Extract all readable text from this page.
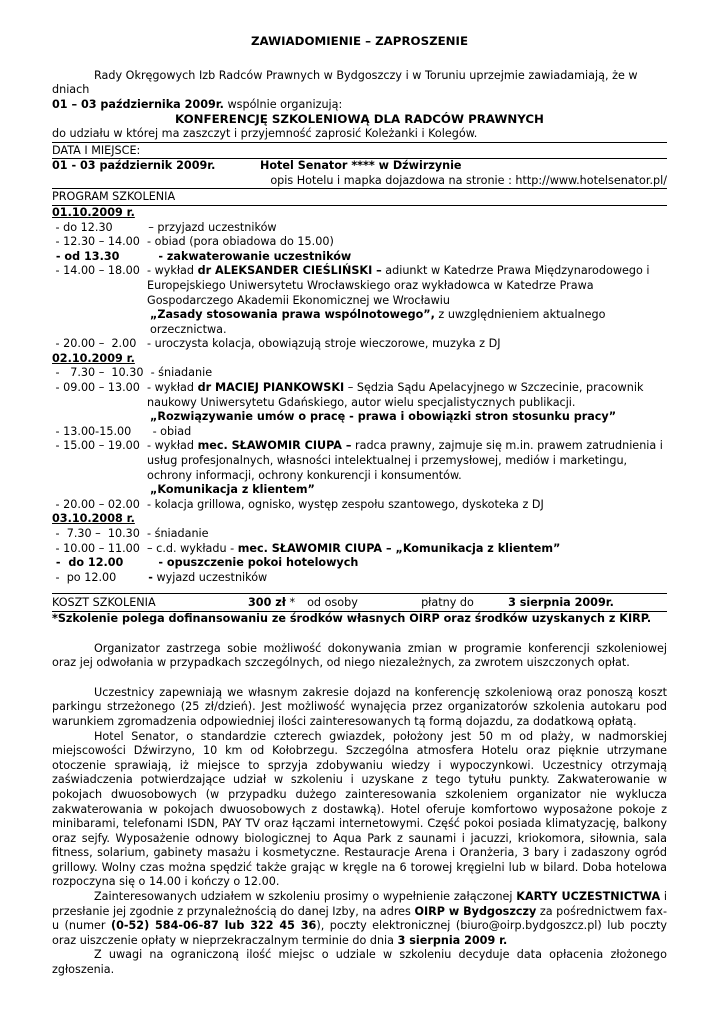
ZAWIADOMIENIE – ZAPROSZENIE
Rady Okręgowych Izb Radców Prawnych w Bydgoszczy i w Toruniu uprzejmie zawiadamiają, że w dniach
01 – 03 października 2009r. wspólnie organizują:
KONFERENCJĘ SZKOLENIOWĄ DLA RADCÓW PRAWNYCH
do udziału w której ma zaszczyt i przyjemność zaprosić Koleżanki i Kolegów.
DATA I MIEJSCE:
01 - 03 październik 2009r.	Hotel Senator **** w Dźwirzynie
opis Hotelu i mapka dojazdowa na stronie : http://www.hotelsenator.pl/
PROGRAM SZKOLENIA
01.10.2009 r.
- do 12.30 – przyjazd uczestników
- 12.30 – 14.00 - obiad (pora obiadowa do 15.00)
- od 13.30 - zakwaterowanie uczestników
- 14.00 – 18.00 - wykład dr ALEKSANDER CIEŚLIŃSKI – adiunkt w Katedrze Prawa Międzynarodowego i Europejskiego Uniwersytetu Wrocławskiego oraz wykładowca w Katedrze Prawa Gospodarczego Akademii Ekonomicznej we Wrocławiu
„Zasady stosowania prawa wspólnotowego”, z uwzględnieniem aktualnego orzecznictwa.
- 20.00 –  2.00 - uroczysta kolacja, obowiązują stroje wieczorowe, muzyka z DJ
02.10.2009 r.
-   7.30 –  10.30 - śniadanie
- 09.00 – 13.00 - wykład dr MACIEJ PIANKOWSKI – Sędzia Sądu Apelacyjnego w Szczecinie, pracownik naukowy Uniwersytetu Gdańskiego, autor wielu specjalistycznych publikacji.
„Rozwiązywanie umów o pracę - prawa i obowiązki stron stosunku pracy”
- 13.00-15.00 - obiad
- 15.00 – 19.00 - wykład mec. SŁAWOMIR CIUPA – radca prawny, zajmuje się m.in. prawem zatrudnienia i usług profesjonalnych, własności intelektualnej i przemysłowej, mediów i marketingu, ochrony informacji, ochrony konkurencji i konsumentów.
„Komunikacja z klientem”
- 20.00 – 02.00 - kolacja grillowa, ognisko, występ zespołu szantowego, dyskoteka z DJ
03.10.2008 r.
-  7.30 –  10.30 - śniadanie
- 10.00 – 11.00 – c.d. wykładu - mec. SŁAWOMIR CIUPA – „Komunikacja z klientem”
-  do 12.00 - opuszczenie pokoi hotelowych
-  po 12.00 - wyjazd uczestników
KOSZT SZKOLENIA	300 zł *	od osoby	płatny do	3 sierpnia 2009r.
*Szkolenie polega dofinansowaniu ze środków własnych OIRP oraz środków uzyskanych z KIRP.
Organizator zastrzega sobie możliwość dokonywania zmian w programie konferencji szkoleniowej oraz jej odwołania w przypadkach szczególnych, od niego niezależnych, za zwrotem uiszczonych opłat.
Uczestnicy zapewniają we własnym zakresie dojazd na konferencję szkoleniową oraz ponoszą koszt parkingu strzeżonego (25 zł/dzień). Jest możliwość wynajęcia przez organizatorów szkolenia autokaru pod warunkiem zgromadzenia odpowiedniej ilości zainteresowanych tą formą dojazdu, za dodatkową opłatą.
Hotel Senator, o standardzie czterech gwiazdek, położony jest 50 m od plaży, w nadmorskiej miejscowości Dźwirzyno, 10 km od Kołobrzegu. Szczególna atmosfera Hotelu oraz pięknie utrzymane otoczenie sprawiają, iż miejsce to sprzyja zdobywaniu wiedzy i wypoczynkowi. Uczestnicy otrzymają zaświadczenia potwierdzające udział w szkoleniu i uzyskane z tego tytułu punkty. Zakwaterowanie w pokojach dwuosobowych (w przypadku dużego zainteresowania szkoleniem organizator nie wyklucza zakwaterowania w pokojach dwuosobowych z dostawką). Hotel oferuje komfortowo wyposażone pokoje z minibarami, telefonami ISDN, PAY TV oraz łączami internetowymi. Część pokoi posiada klimatyzację, balkony oraz sejfy. Wyposażenie odnowy biologicznej to Aqua Park z saunami i jacuzzi, kriokomora, siłownia, sala fitness, solarium, gabinety masażu i kosmetyczne. Restauracje Arena i Oranżeria, 3 bary i zadaszony ogród grillowy. Wolny czas można spędzić także grając w kręgle na 6 torowej kręgielni lub w bilard. Doba hotelowa rozpoczyna się o 14.00 i kończy o 12.00.
Zainteresowanych udziałem w szkoleniu prosimy o wypełnienie załączonej KARTY UCZESTNICTWA i przesłanie jej zgodnie z przynależnością do danej Izby, na adres OIRP w Bydgoszczy za pośrednictwem fax-u (numer (0-52) 584-06-87 lub 322 45 36), poczty elektronicznej (biuro@oirp.bydgoszcz.pl) lub poczty oraz uiszczenie opłaty w nieprzekraczalnym terminie do dnia 3 sierpnia 2009 r.
Z uwagi na ograniczoną ilość miejsc o udziale w szkoleniu decyduje data opłacenia złożonego zgłoszenia.
